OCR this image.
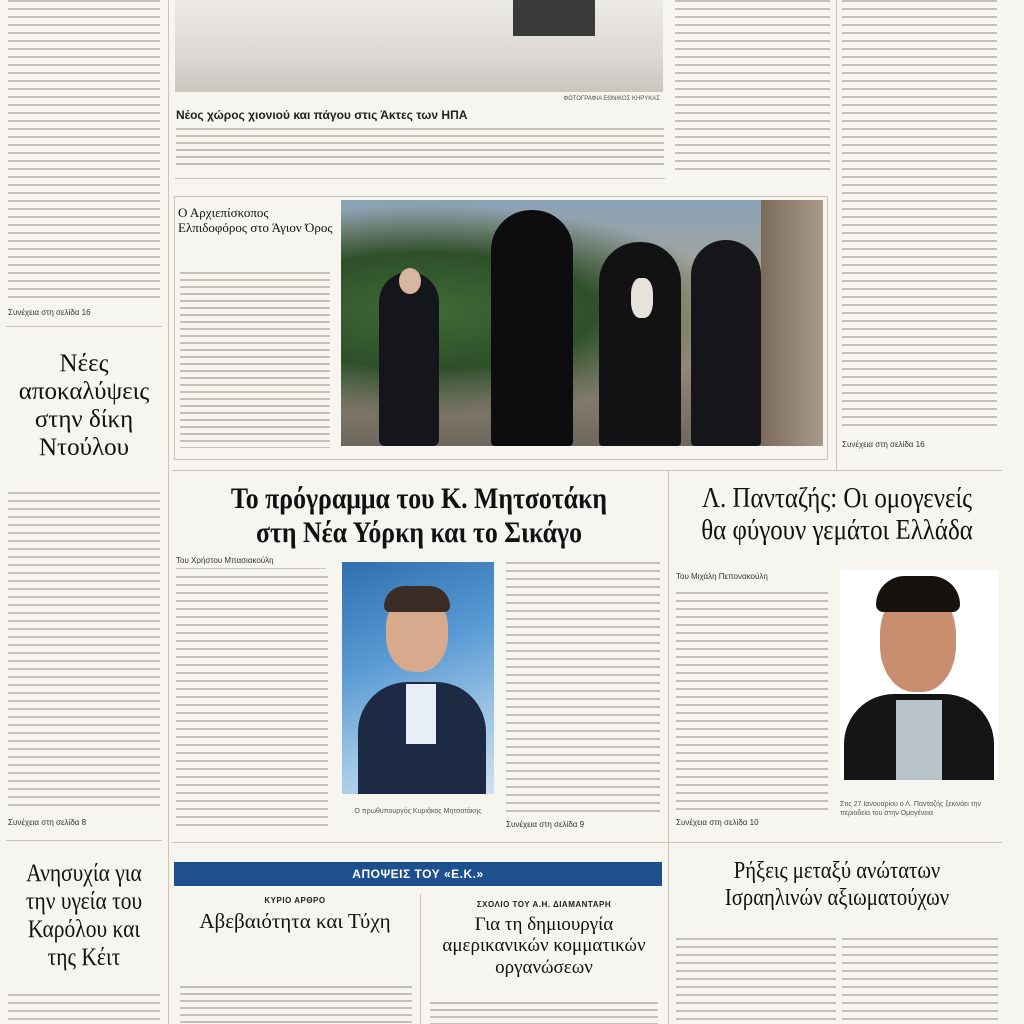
Συνέχεια στη σελίδα 16
Νέες αποκαλύψεις στην δίκη Ντούλου
Συνέχεια στη σελίδα 8
Ανησυχία για την υγεία του Καρόλου και της Κέιτ
ΦΩΤΟΓΡΑΦΙΑ ΕΘΝΙΚΟΣ ΚΗΡΥΚΑΣ
Νέος χώρος χιονιού και πάγου στις Άκτες των ΗΠΑ
Συνέχεια στη σελίδα 16
Ο Αρχιεπίσκοπος Ελπιδοφόρος στο Άγιον Όρος
Το πρόγραμμα του Κ. Μητσοτάκη στη Νέα Υόρκη και το Σικάγο
Του Χρήστου Μπασιακούλη
Ο πρωθυπουργός Κυριάκος Μητσοτάκης
Συνέχεια στη σελίδα 9
Λ. Πανταζής: Οι ομογενείς θα φύγουν γεμάτοι Ελλάδα
Του Μιχάλη Πεπονακούλη
Συνέχεια στη σελίδα 10
Στις 27 Ιανουαρίου ο Λ. Πανταζής ξεκινάει την περιοδεία του στην Ομογένεια
ΑΠΟΨΕΙΣ ΤΟΥ «Ε.Κ.»
ΚΥΡΙΟ ΑΡΘΡΟ
Αβεβαιότητα και Τύχη
ΣΧΟΛΙΟ ΤΟΥ Α.Η. ΔΙΑΜΑΝΤΑΡΗ
Για τη δημιουργία αμερικανικών κομματικών οργανώσεων
Ρήξεις μεταξύ ανώτατων Ισραηλινών αξιωματούχων
